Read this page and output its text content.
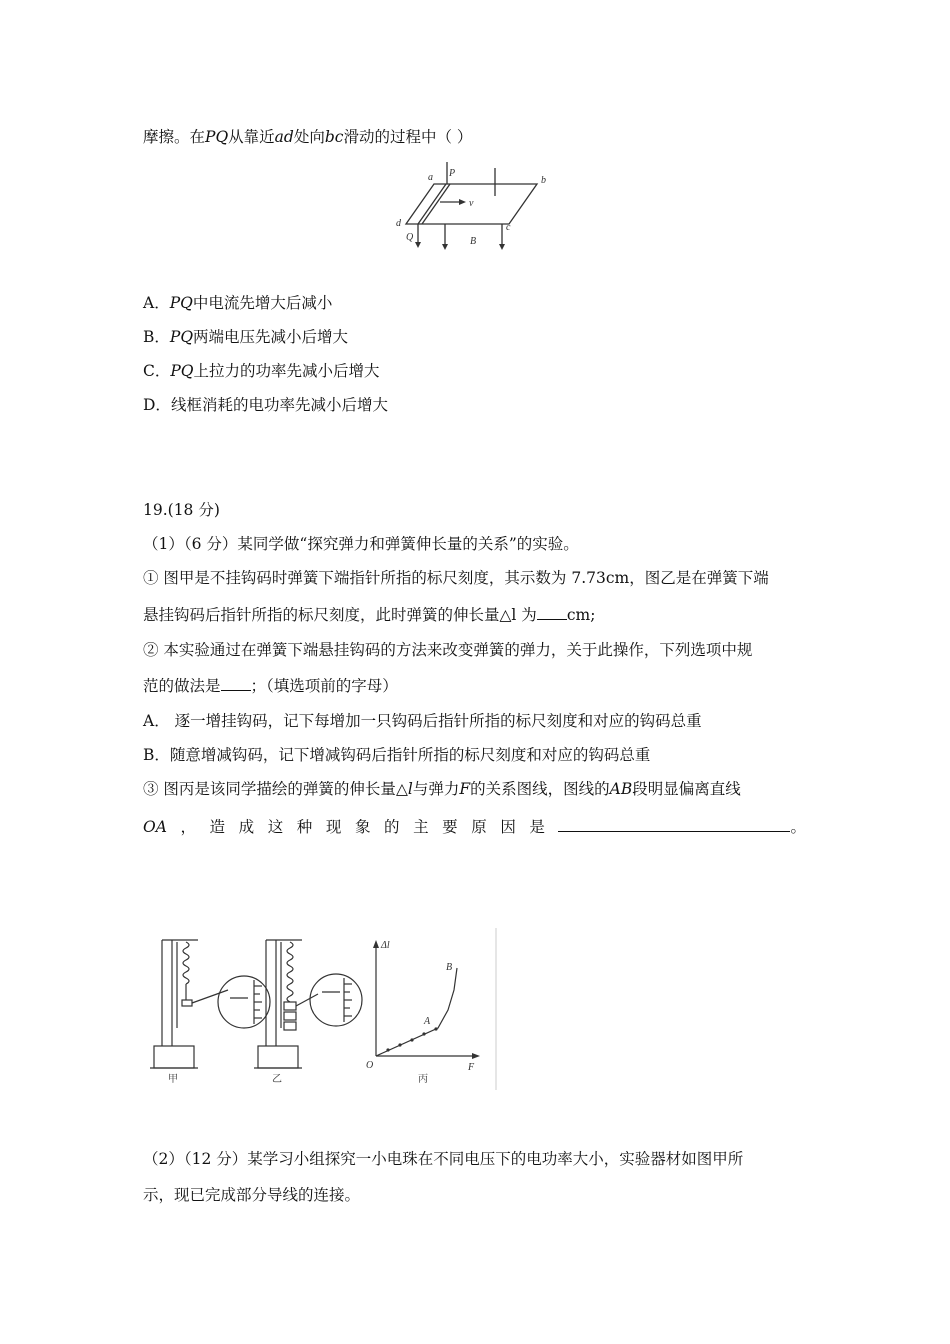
摩擦。在PQ从靠近ad处向bc滑动的过程中（ ）
a P
b
d
Q
c
v
B
A．PQ中电流先增大后减小
B．PQ两端电压先减小后增大
C．PQ上拉力的功率先减小后增大
D．线框消耗的电功率先减小后增大
19.(18 分)
（1）（6 分）某同学做“探究弹力和弹簧伸长量的关系”的实验。
① 图甲是不挂钩码时弹簧下端指针所指的标尺刻度，其示数为 7.73cm，图乙是在弹簧下端
悬挂钩码后指针所指的标尺刻度，此时弹簧的伸长量△l 为 cm;
② 本实验通过在弹簧下端悬挂钩码的方法来改变弹簧的弹力，关于此操作，下列选项中规
范的做法是 ；（填选项前的字母）
A． 逐一增挂钩码，记下每增加一只钩码后指针所指的标尺刻度和对应的钩码总重
B．随意增减钩码，记下增减钩码后指针所指的标尺刻度和对应的钩码总重
③ 图丙是该同学描绘的弹簧的伸长量△l与弹力F的关系图线，图线的AB段明显偏离直线
OA ， 造 成 这 种 现 象 的 主 要 原 因 是	。
甲	乙	丙
Δl
F
O
A
B
（2）（12 分）某学习小组探究一小电珠在不同电压下的电功率大小，实验器材如图甲所
示，现已完成部分导线的连接。
